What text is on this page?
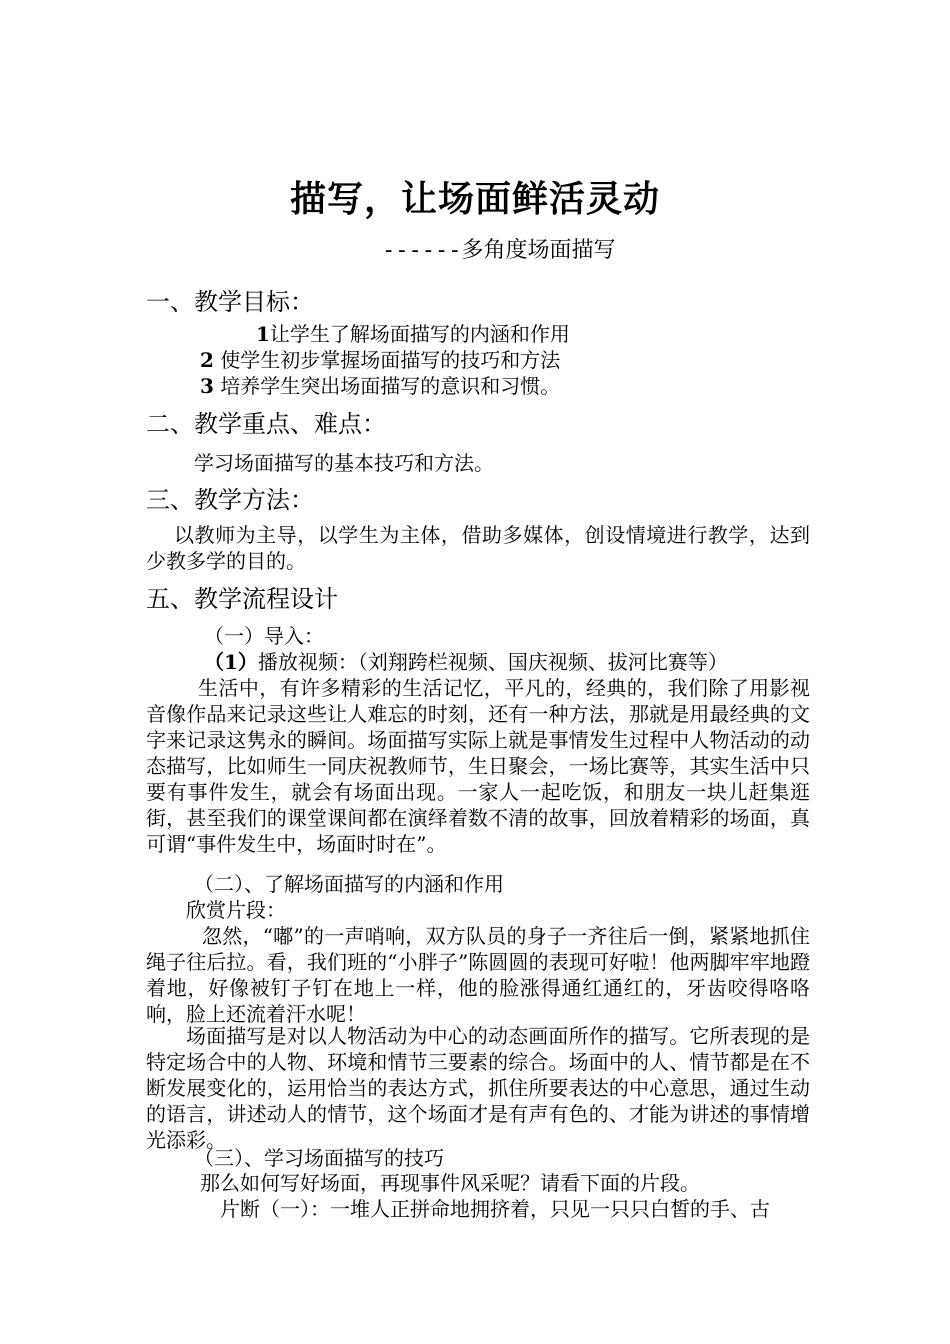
描写，让场面鲜活灵动
------多角度场面描写
一、教学目标：
1让学生了解场面描写的内涵和作用
2 使学生初步掌握场面描写的技巧和方法
3 培养学生突出场面描写的意识和习惯。
二、教学重点、难点：
学习场面描写的基本技巧和方法。
三、教学方法：
以教师为主导，以学生为主体，借助多媒体，创设情境进行教学，达到少教多学的目的。
五、教学流程设计
（一）导入：
（1）播放视频：（刘翔跨栏视频、国庆视频、拔河比赛等）
生活中，有许多精彩的生活记忆，平凡的，经典的，我们除了用影视音像作品来记录这些让人难忘的时刻，还有一种方法，那就是用最经典的文字来记录这隽永的瞬间。场面描写实际上就是事情发生过程中人物活动的动态描写，比如师生一同庆祝教师节，生日聚会，一场比赛等，其实生活中只要有事件发生，就会有场面出现。一家人一起吃饭，和朋友一块儿赶集逛街，甚至我们的课堂课间都在演绎着数不清的故事，回放着精彩的场面，真可谓“事件发生中，场面时时在”。
（二）、了解场面描写的内涵和作用
欣赏片段：
忽然，“嘟”的一声哨响，双方队员的身子一齐往后一倒，紧紧地抓住绳子往后拉。看，我们班的“小胖子”陈圆圆的表现可好啦！他两脚牢牢地蹬着地，好像被钉子钉在地上一样，他的脸涨得通红通红的，牙齿咬得咯咯响，脸上还流着汗水呢！
场面描写是对以人物活动为中心的动态画面所作的描写。它所表现的是特定场合中的人物、环境和情节三要素的综合。场面中的人、情节都是在不断发展变化的，运用恰当的表达方式，抓住所要表达的中心意思，通过生动的语言，讲述动人的情节，这个场面才是有声有色的、才能为讲述的事情增光添彩。
（三）、学习场面描写的技巧
那么如何写好场面，再现事件风采呢？请看下面的片段。
片断（一）：一堆人正拼命地拥挤着，只见一只只白皙的手、古
